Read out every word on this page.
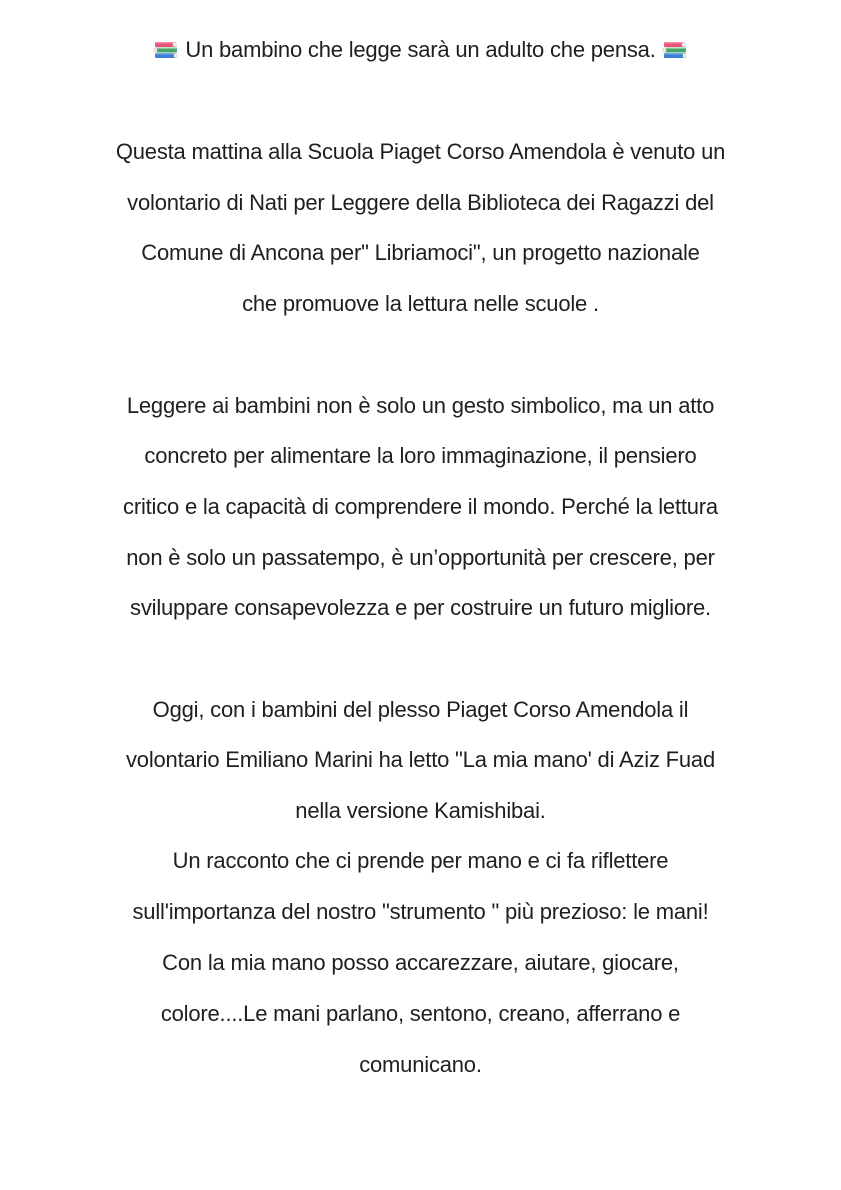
Un bambino che legge sarà un adulto che pensa.
Questa mattina alla Scuola Piaget Corso Amendola è venuto un
volontario di Nati per Leggere della Biblioteca dei Ragazzi del
Comune di Ancona per" Libriamoci", un progetto nazionale
che promuove la lettura nelle scuole .
Leggere ai bambini non è solo un gesto simbolico, ma un atto
concreto per alimentare la loro immaginazione, il pensiero
critico e la capacità di comprendere il mondo. Perché la lettura
non è solo un passatempo, è un’opportunità per crescere, per
sviluppare consapevolezza e per costruire un futuro migliore.
Oggi, con i bambini del plesso Piaget Corso Amendola il
volontario Emiliano Marini ha letto "La mia mano' di Aziz Fuad
nella versione Kamishibai.
Un racconto che ci prende per mano e ci fa riflettere
sull'importanza del nostro "strumento " più prezioso: le mani!
Con la mia mano posso accarezzare, aiutare, giocare,
colore....Le mani parlano, sentono, creano, afferrano e
comunicano.
